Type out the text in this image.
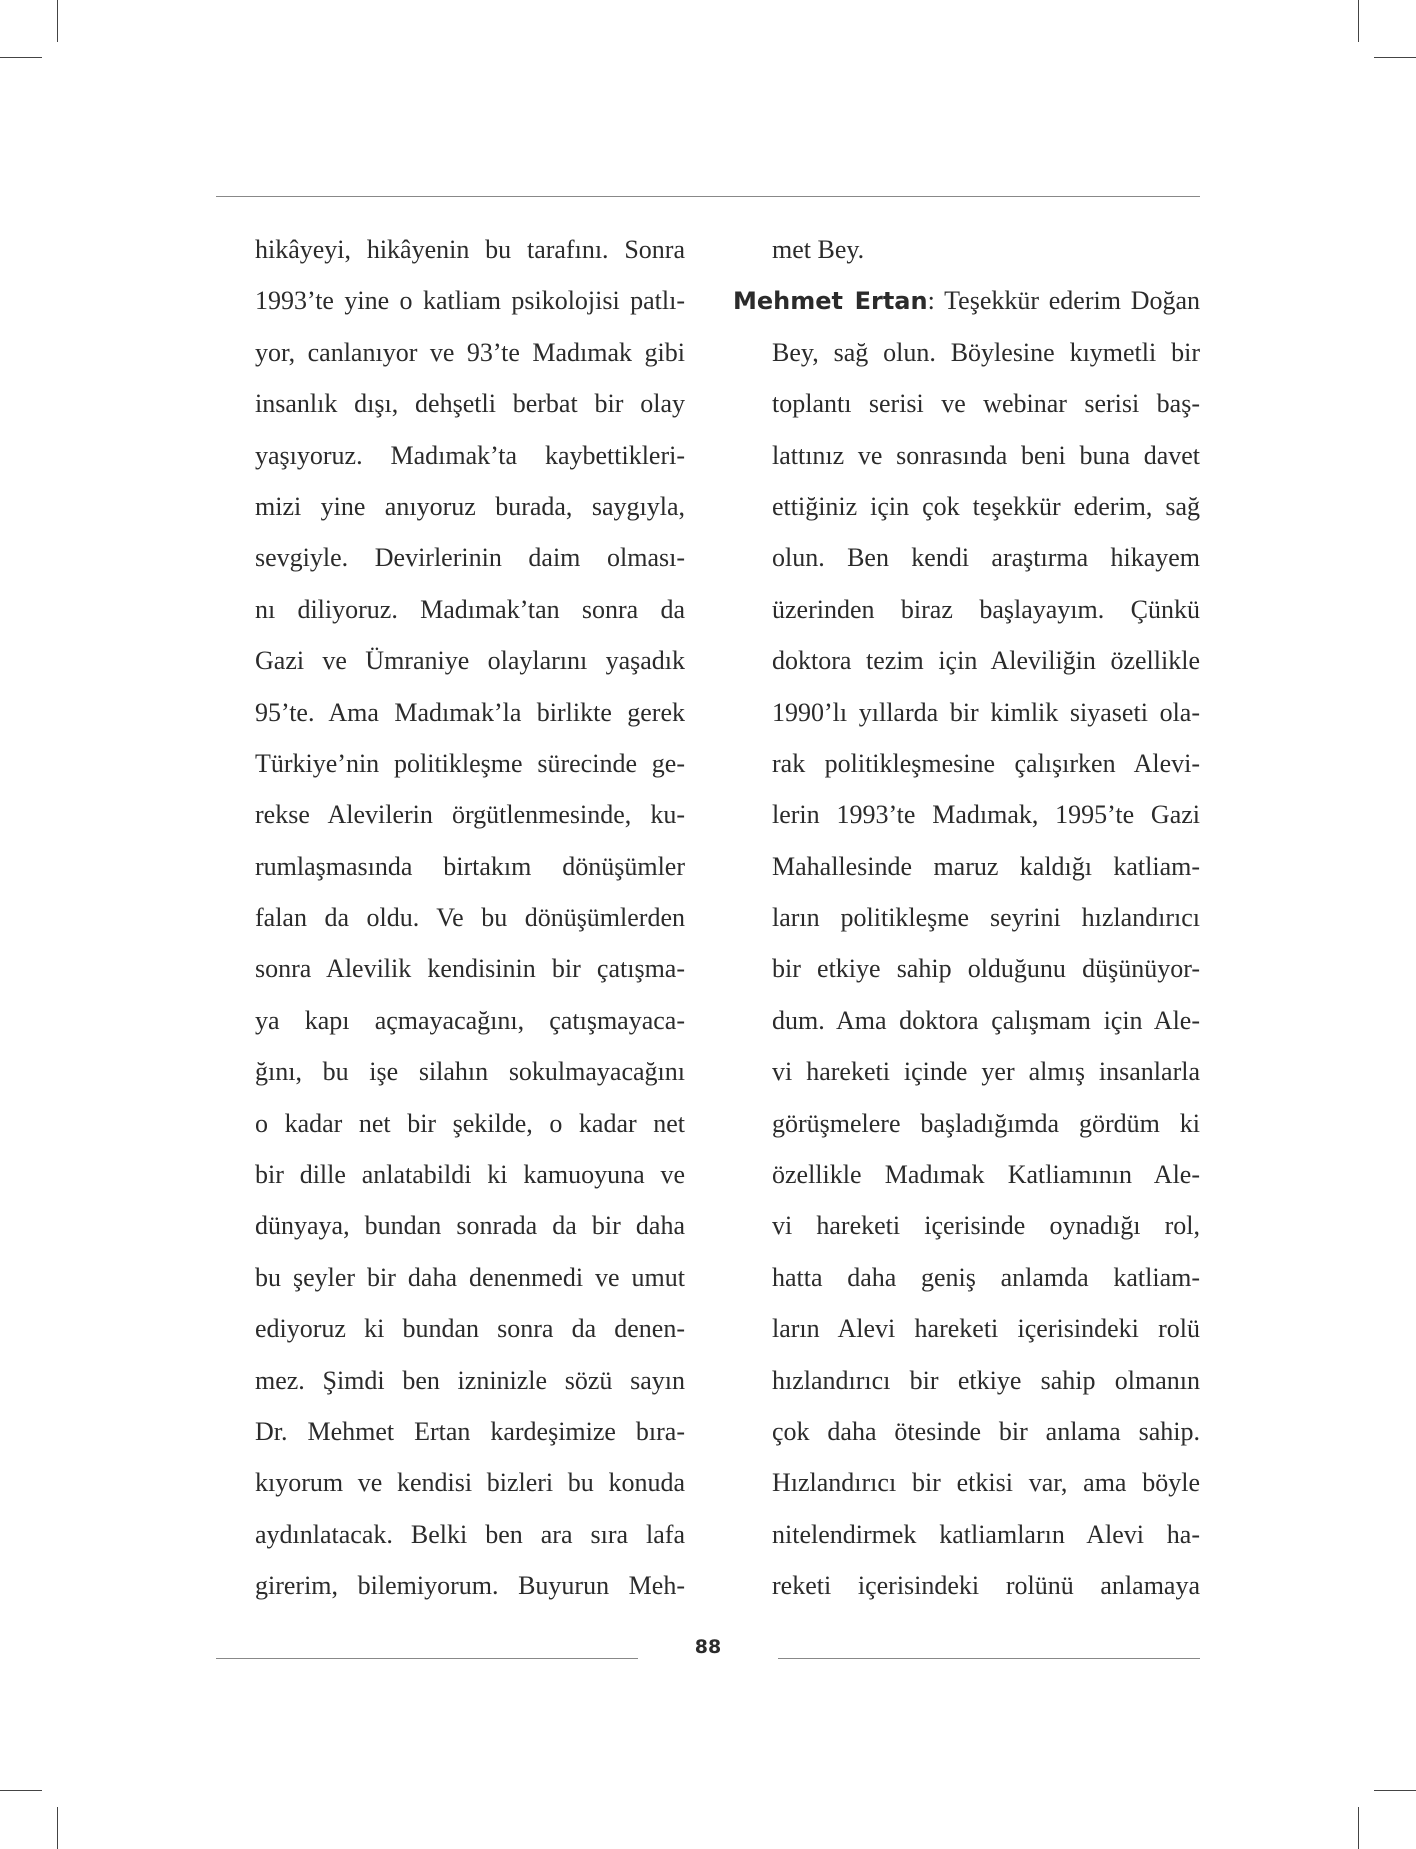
hikâyeyi, hikâyenin bu tarafını. Sonra
1993’te yine o katliam psikolojisi patlı-
yor, canlanıyor ve 93’te Madımak gibi
insanlık dışı, dehşetli berbat bir olay
yaşıyoruz. Madımak’ta kaybettikleri-
mizi yine anıyoruz burada, saygıyla,
sevgiyle. Devirlerinin daim olması-
nı diliyoruz. Madımak’tan sonra da
Gazi ve Ümraniye olaylarını yaşadık
95’te. Ama Madımak’la birlikte gerek
Türkiye’nin politikleşme sürecinde ge-
rekse Alevilerin örgütlenmesinde, ku-
rumlaşmasında birtakım dönüşümler
falan da oldu. Ve bu dönüşümlerden
sonra Alevilik kendisinin bir çatışma-
ya kapı açmayacağını, çatışmayaca-
ğını, bu işe silahın sokulmayacağını
o kadar net bir şekilde, o kadar net
bir dille anlatabildi ki kamuoyuna ve
dünyaya, bundan sonrada da bir daha
bu şeyler bir daha denenmedi ve umut
ediyoruz ki bundan sonra da denen-
mez. Şimdi ben izninizle sözü sayın
Dr. Mehmet Ertan kardeşimize bıra-
kıyorum ve kendisi bizleri bu konuda
aydınlatacak. Belki ben ara sıra lafa
girerim, bilemiyorum. Buyurun Meh-
met Bey.
Mehmet Ertan: Teşekkür ederim Doğan
Bey, sağ olun. Böylesine kıymetli bir
toplantı serisi ve webinar serisi baş-
lattınız ve sonrasında beni buna davet
ettiğiniz için çok teşekkür ederim, sağ
olun. Ben kendi araştırma hikayem
üzerinden biraz başlayayım. Çünkü
doktora tezim için Aleviliğin özellikle
1990’lı yıllarda bir kimlik siyaseti ola-
rak politikleşmesine çalışırken Alevi-
lerin 1993’te Madımak, 1995’te Gazi
Mahallesinde maruz kaldığı katliam-
ların politikleşme seyrini hızlandırıcı
bir etkiye sahip olduğunu düşünüyor-
dum. Ama doktora çalışmam için Ale-
vi hareketi içinde yer almış insanlarla
görüşmelere başladığımda gördüm ki
özellikle Madımak Katliamının Ale-
vi hareketi içerisinde oynadığı rol,
hatta daha geniş anlamda katliam-
ların Alevi hareketi içerisindeki rolü
hızlandırıcı bir etkiye sahip olmanın
çok daha ötesinde bir anlama sahip.
Hızlandırıcı bir etkisi var, ama böyle
nitelendirmek katliamların Alevi ha-
reketi içerisindeki rolünü anlamaya
88
